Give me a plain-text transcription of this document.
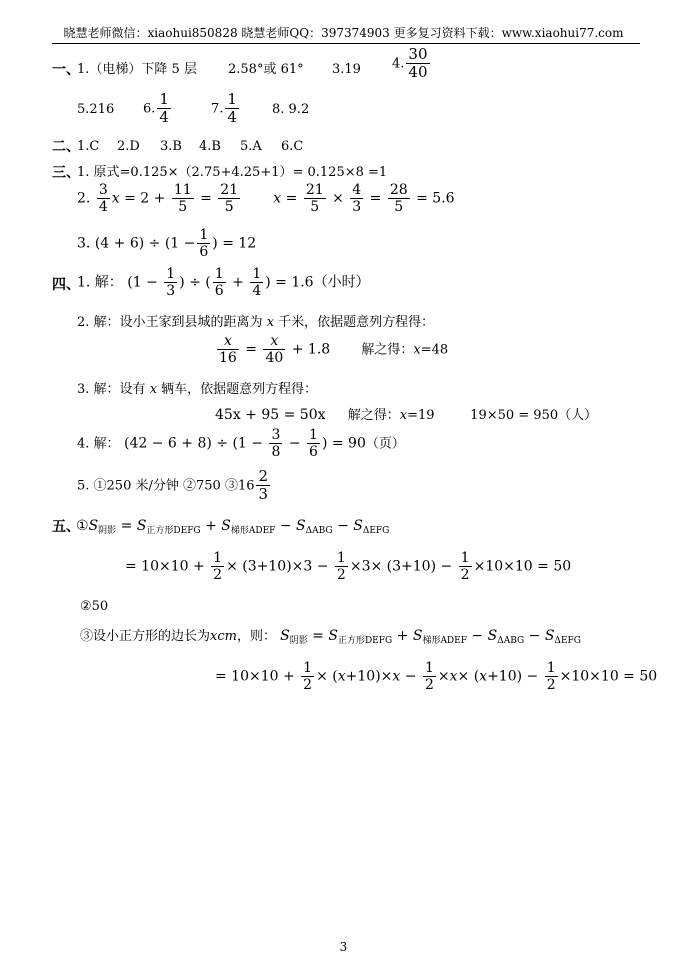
晓慧老师微信：xiaohui850828 晓慧老师QQ：397374903 更多复习资料下载：www.xiaohui77.com
一、
1.（电梯）下降 5 层 2.58°或 61° 3.19 4. $\frac{30}{40}$
5.216 6. $\frac{1}{4}$	7. $\frac{1}{4}$	8. 9.2
二、
1.C 2.D 3.B 4.B 5.A 6.C
三、
1. 原式=0.125×（2.75+4.25+1）= 0.125×8 =1
2. $\frac{3}{4}$ $x = 2 + \frac{11}{5} = \frac{21}{5}$ $x = \frac{21}{5} \times \frac{4}{3} = \frac{28}{5} = 5.6$
3. $(4 + 6) \div (1 - \frac{1}{6}$ ) = 12
四、
1. 解： ($1 - \frac{1}{3}$ ) ÷ ( $\frac{1}{6} + \frac{1}{4}$ ) = 1.6（小时）
2. 解：设小王家到县城的距离为 x 千米，依据题意列方程得：
$\frac{x}{16} = \frac{x}{40} + 1.8$       解之得：x=48
3. 解：设有 x 辆车，依据题意列方程得：
45x + 95 = 50x 解之得：x=19	19×50 = 950（人）
4. 解： $(42 - 6 + 8) \div (1 - \frac{3}{8} - \frac{1}{6}$ ) = 90（页）
5. ①250 米/分钟 ②750 ③16 $\frac{2}{3}$
五、
$①S_{阴影} = S_{正方形DEFG} + S_{梯形ADEF} - S_{\Delta ABG} - S_{\Delta EFG}$
= $10\times 10 + \frac{1}{2} \times (3+10)\times 3 - \frac{1}{2} \times 3\times (3+10) - \frac{1}{2} \times 10\times 10 = 50$
②50
③设小正方形的边长为xcm，则： $S_{阴影} = S_{正方形DEFG} + S_{梯形ADEF} - S_{\Delta ABG} - S_{\Delta EFG}$
= $10\times 10 + \frac{1}{2} \times (x+10)\times x - \frac{1}{2} \times x\times (x+10) - \frac{1}{2} \times 10\times 10 = 50$
3
